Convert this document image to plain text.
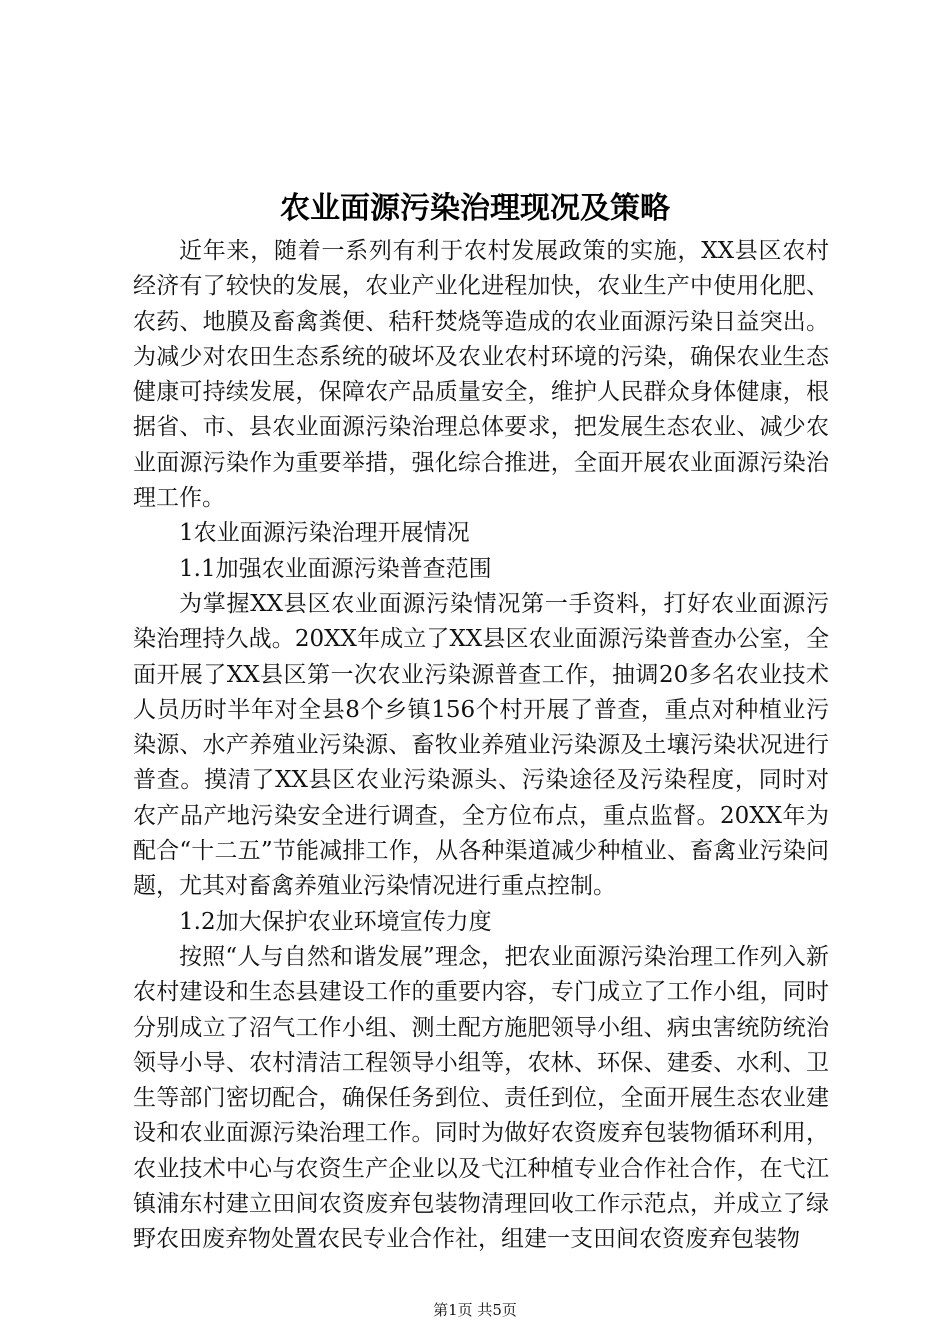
农业面源污染治理现况及策略

近年来，随着一系列有利于农村发展政策的实施，XX县区农村经济有了较快的发展，农业产业化进程加快，农业生产中使用化肥、农药、地膜及畜禽粪便、秸秆焚烧等造成的农业面源污染日益突出。为减少对农田生态系统的破坏及农业农村环境的污染，确保农业生态健康可持续发展，保障农产品质量安全，维护人民群众身体健康，根据省、市、县农业面源污染治理总体要求，把发展生态农业、减少农业面源污染作为重要举措，强化综合推进，全面开展农业面源污染治理工作。

1农业面源污染治理开展情况

1.1加强农业面源污染普查范围

为掌握XX县区农业面源污染情况第一手资料，打好农业面源污染治理持久战。20XX年成立了XX县区农业面源污染普查办公室，全面开展了XX县区第一次农业污染源普查工作，抽调20多名农业技术人员历时半年对全县8个乡镇156个村开展了普查，重点对种植业污染源、水产养殖业污染源、畜牧业养殖业污染源及土壤污染状况进行普查。摸清了XX县区农业污染源头、污染途径及污染程度，同时对农产品产地污染安全进行调查，全方位布点，重点监督。20XX年为配合“十二五”节能减排工作，从各种渠道减少种植业、畜禽业污染问题，尤其对畜禽养殖业污染情况进行重点控制。

1.2加大保护农业环境宣传力度

按照“人与自然和谐发展”理念，把农业面源污染治理工作列入新农村建设和生态县建设工作的重要内容，专门成立了工作小组，同时分别成立了沼气工作小组、测土配方施肥领导小组、病虫害统防统治领导小导、农村清洁工程领导小组等，农林、环保、建委、水利、卫生等部门密切配合，确保任务到位、责任到位，全面开展生态农业建设和农业面源污染治理工作。同时为做好农资废弃包装物循环利用，农业技术中心与农资生产企业以及弋江种植专业合作社合作，在弋江镇浦东村建立田间农资废弃包装物清理回收工作示范点，并成立了绿野农田废弃物处置农民专业合作社，组建一支田间农资废弃包装物

第1页 共5页
